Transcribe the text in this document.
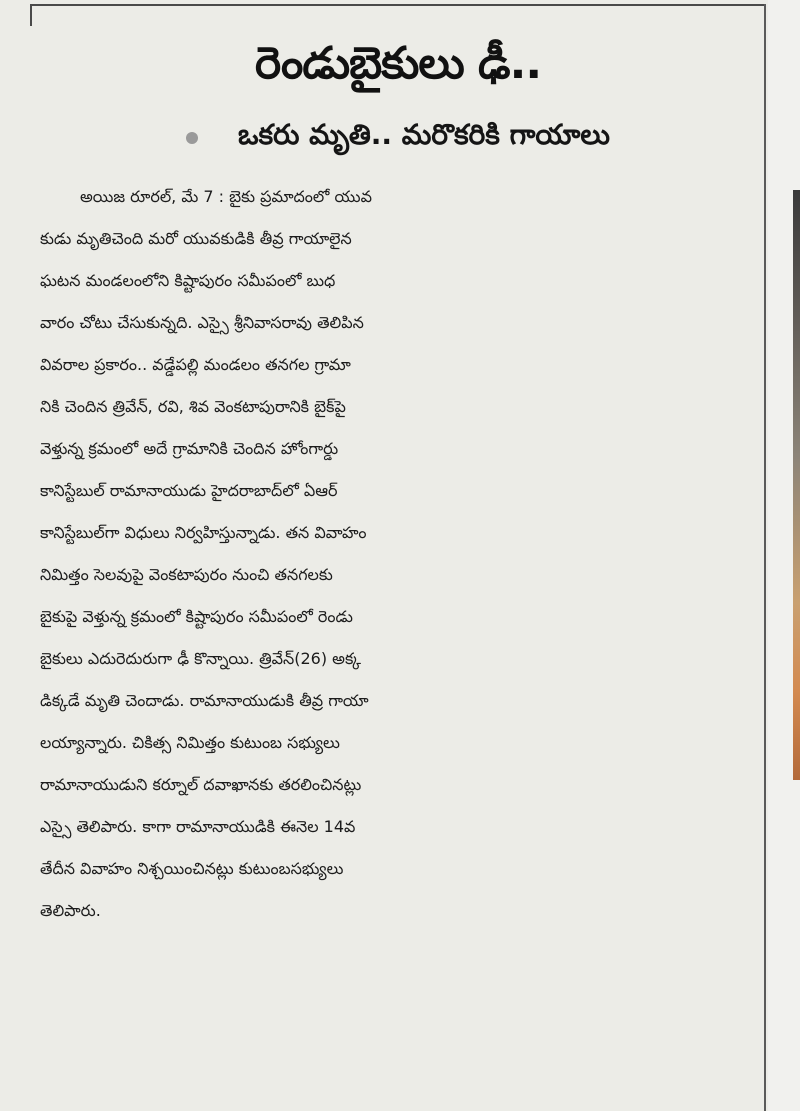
రెండుబైకులు ఢీ..
ఒకరు మృతి.. మరొకరికి గాయాలు
అయిజ రూరల్, మే 7 : బైకు ప్రమాదంలో యువ
కుడు మృతిచెంది మరో యువకుడికి తీవ్ర గాయాలైన
ఘటన మండలంలోని కిష్టాపురం సమీపంలో బుధ
వారం చోటు చేసుకున్నది. ఎస్సై శ్రీనివాసరావు తెలిపిన
వివరాల ప్రకారం.. వడ్డేపల్లి మండలం తనగల గ్రామా
నికి చెందిన త్రివేన్, రవి, శివ వెంకటాపురానికి బైక్‌పై
వెళ్తున్న క్రమంలో అదే గ్రామానికి చెందిన హోంగార్డు
కానిస్టేబుల్ రామానాయుడు హైదరాబాద్‌లో ఏఆర్
కానిస్టేబుల్‌గా విధులు నిర్వహిస్తున్నాడు. తన వివాహం
నిమిత్తం సెలవుపై వెంకటాపురం నుంచి తనగలకు
బైకుపై వెళ్తున్న క్రమంలో కిష్టాపురం సమీపంలో రెండు
బైకులు ఎదురెదురుగా ఢీ కొన్నాయి. త్రివేన్(26) అక్క
డిక్కడే మృతి చెందాడు. రామానాయుడుకి తీవ్ర గాయా
లయ్యాన్నారు. చికిత్స నిమిత్తం కుటుంబ సభ్యులు
రామానాయుడుని కర్నూల్ దవాఖానకు తరలించినట్లు
ఎస్సై తెలిపారు. కాగా రామానాయుడికి ఈనెల 14వ
తేదీన వివాహం నిశ్చయించినట్లు కుటుంబసభ్యులు
తెలిపారు.
